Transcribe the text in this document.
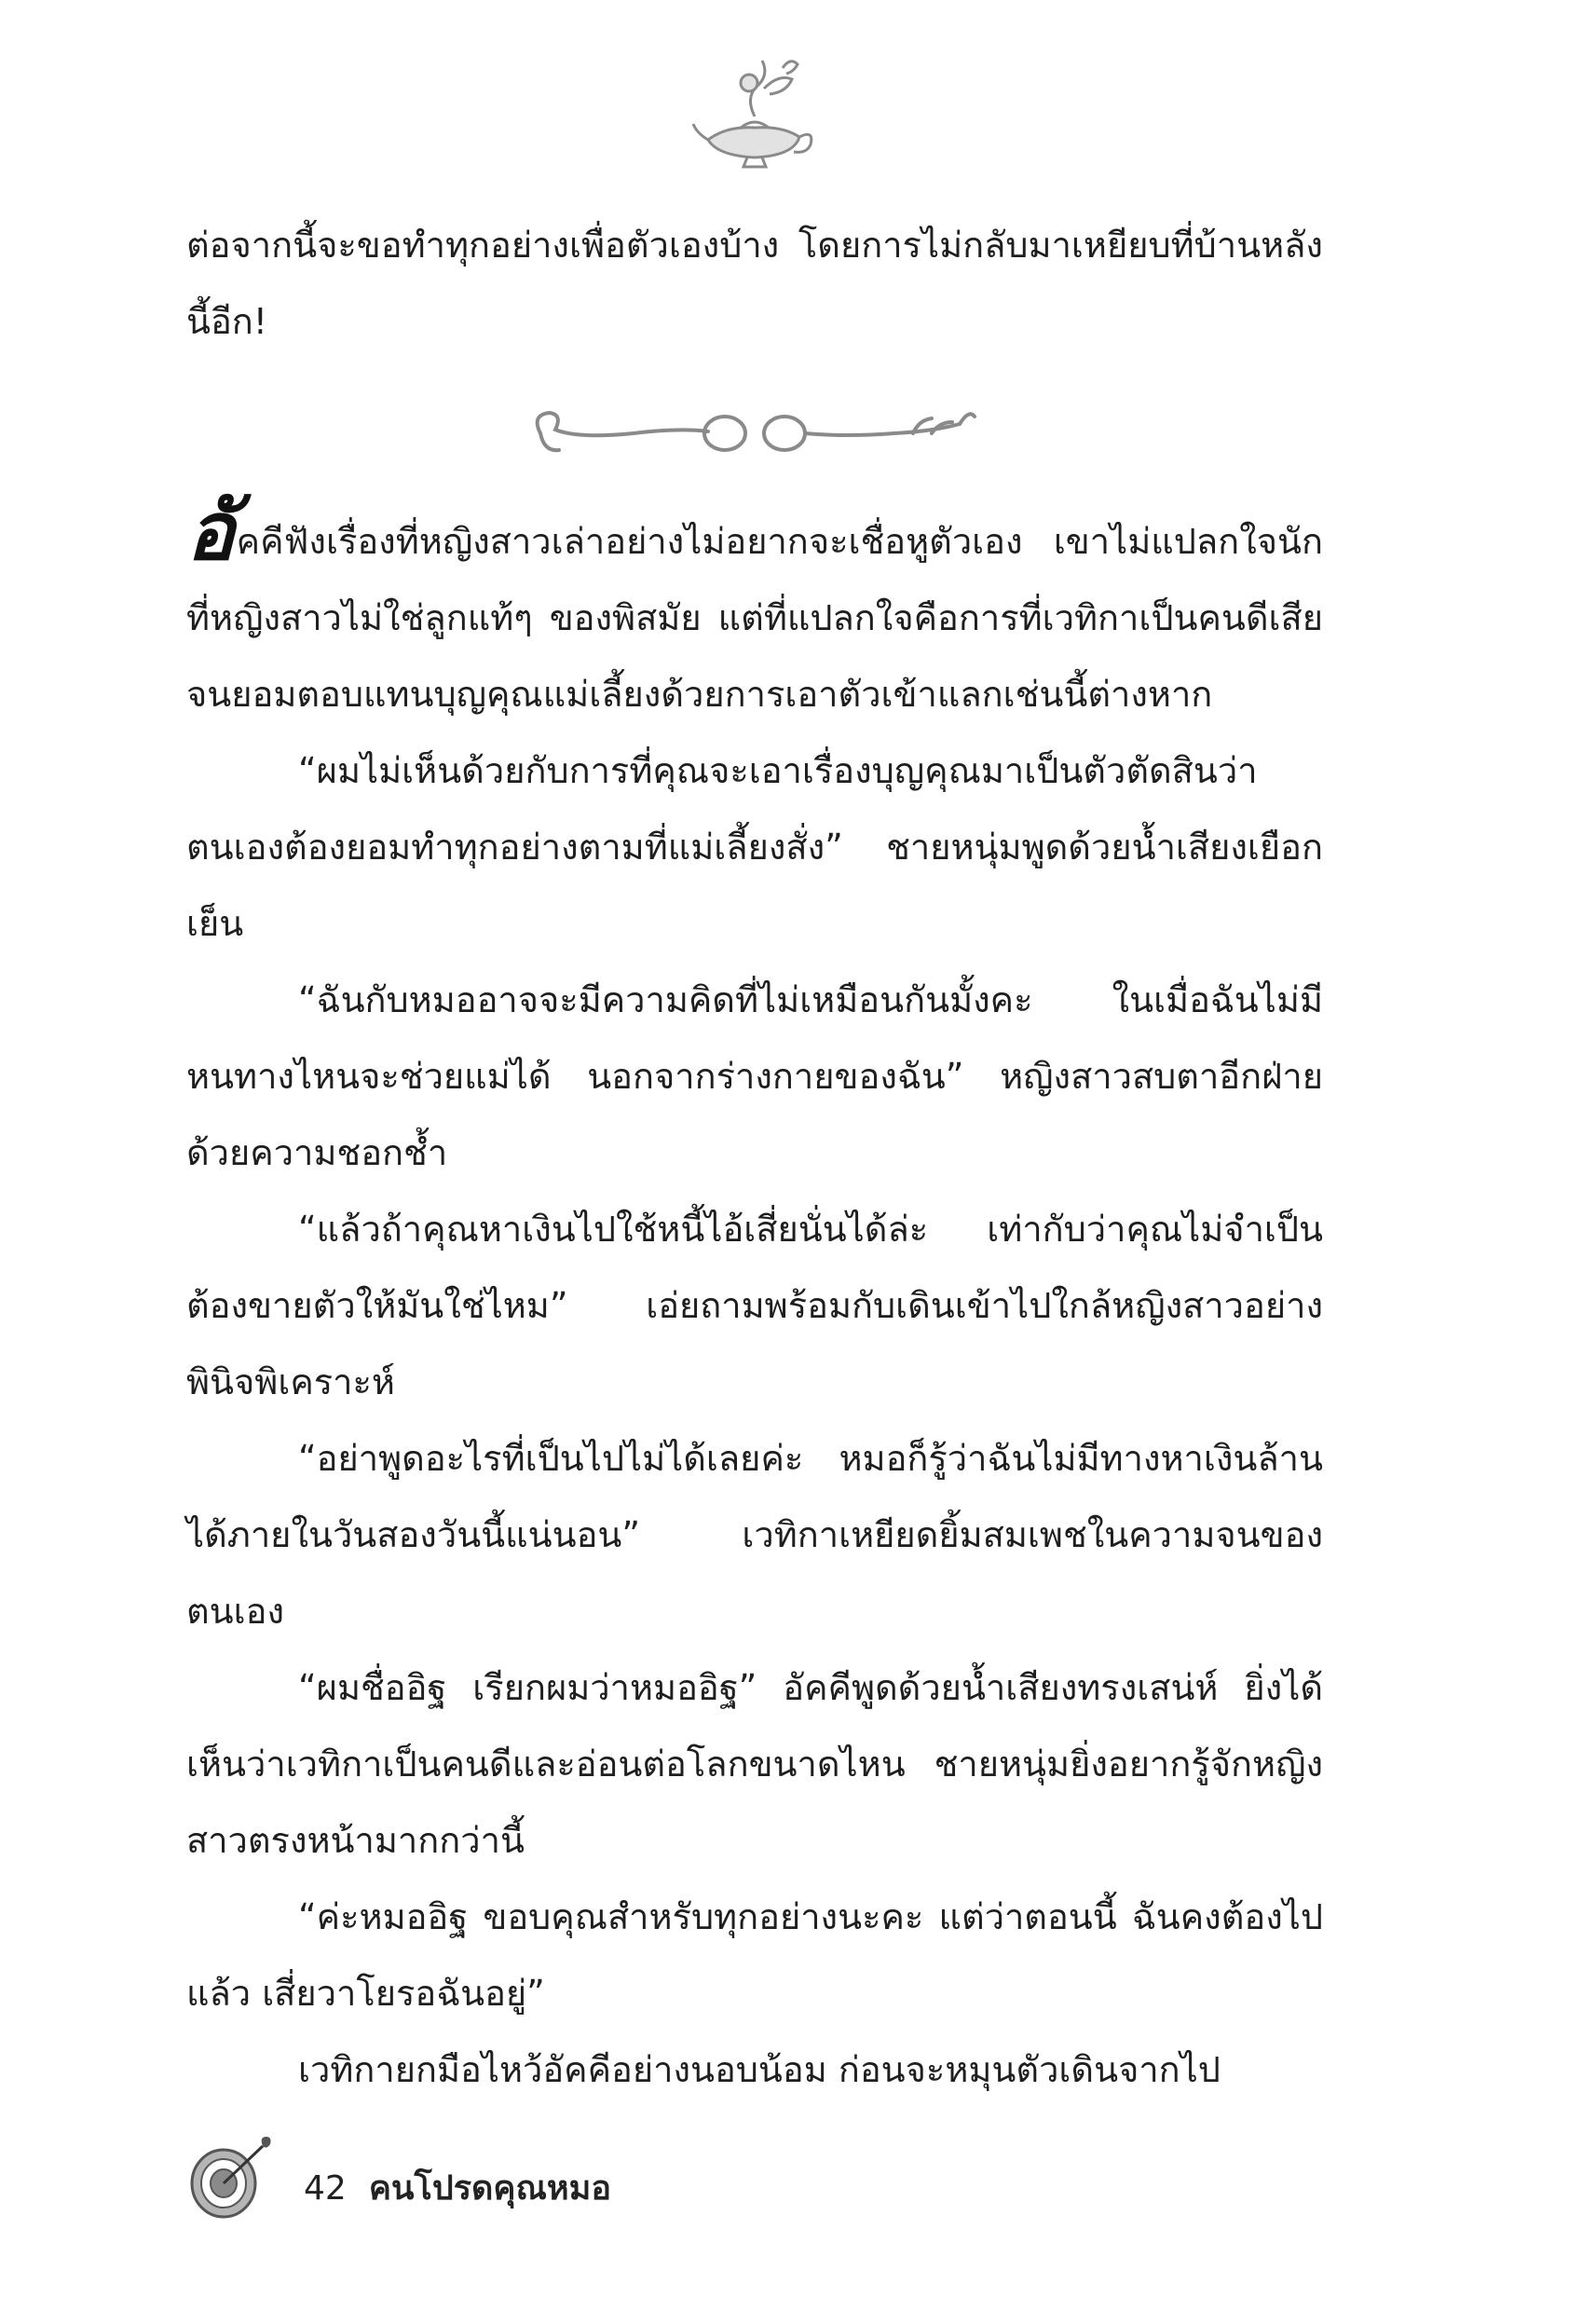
ต่อจากนี้จะขอทำทุกอย่างเพื่อตัวเองบ้าง โดยการไม่กลับมาเหยียบที่บ้านหลังนี้อีก!

อัคคีฟังเรื่องที่หญิงสาวเล่าอย่างไม่อยากจะเชื่อหูตัวเอง เขาไม่แปลกใจนักที่หญิงสาวไม่ใช่ลูกแท้ๆ ของพิสมัย แต่ที่แปลกใจคือการที่เวทิกาเป็นคนดีเสียจนยอมตอบแทนบุญคุณแม่เลี้ยงด้วยการเอาตัวเข้าแลกเช่นนี้ต่างหาก

“ผมไม่เห็นด้วยกับการที่คุณจะเอาเรื่องบุญคุณมาเป็นตัวตัดสินว่าตนเองต้องยอมทำทุกอย่างตามที่แม่เลี้ยงสั่ง” ชายหนุ่มพูดด้วยน้ำเสียงเยือกเย็น

“ฉันกับหมออาจจะมีความคิดที่ไม่เหมือนกันมั้งคะ ในเมื่อฉันไม่มีหนทางไหนจะช่วยแม่ได้ นอกจากร่างกายของฉัน” หญิงสาวสบตาอีกฝ่ายด้วยความชอกช้ำ

“แล้วถ้าคุณหาเงินไปใช้หนี้ไอ้เสี่ยนั่นได้ล่ะ เท่ากับว่าคุณไม่จำเป็นต้องขายตัวให้มันใช่ไหม” เอ่ยถามพร้อมกับเดินเข้าไปใกล้หญิงสาวอย่างพินิจพิเคราะห์

“อย่าพูดอะไรที่เป็นไปไม่ได้เลยค่ะ หมอก็รู้ว่าฉันไม่มีทางหาเงินล้านได้ภายในวันสองวันนี้แน่นอน” เวทิกาเหยียดยิ้มสมเพชในความจนของตนเอง

“ผมชื่ออิฐ เรียกผมว่าหมออิฐ” อัคคีพูดด้วยน้ำเสียงทรงเสน่ห์ ยิ่งได้เห็นว่าเวทิกาเป็นคนดีและอ่อนต่อโลกขนาดไหน ชายหนุ่มยิ่งอยากรู้จักหญิงสาวตรงหน้ามากกว่านี้

“ค่ะหมออิฐ ขอบคุณสำหรับทุกอย่างนะคะ แต่ว่าตอนนี้ ฉันคงต้องไปแล้ว เสี่ยวาโยรอฉันอยู่”

เวทิกายกมือไหว้อัคคีอย่างนอบน้อม ก่อนจะหมุนตัวเดินจากไป

42 คนโปรดคุณหมอ
